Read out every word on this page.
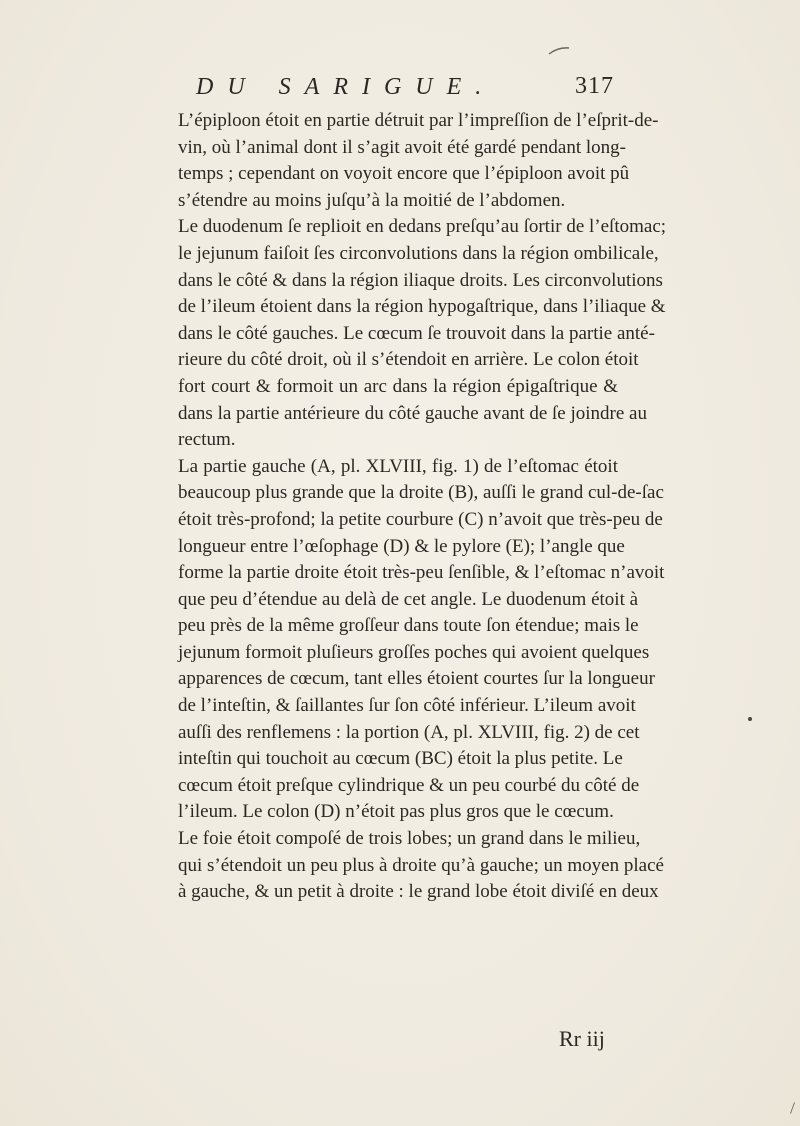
DU SARIGUE.	317
L’épiploon étoit en partie détruit par l’impreſſion de l’eſprit-de-
vin, où l’animal dont il s’agit avoit été gardé pendant long-
temps ; cependant on voyoit encore que l’épiploon avoit pû
s’étendre au moins juſqu’à la moitié de l’abdomen.
Le duodenum ſe replioit en dedans preſqu’au ſortir de l’eſtomac;
le jejunum faiſoit ſes circonvolutions dans la région ombilicale,
dans le côté & dans la région iliaque droits. Les circonvolutions
de l’ileum étoient dans la région hypogaſtrique, dans l’iliaque &
dans le côté gauches. Le cœcum ſe trouvoit dans la partie anté-
rieure du côté droit, où il s’étendoit en arrière. Le colon étoit
fort court & formoit un arc dans la région épigaſtrique &
dans la partie antérieure du côté gauche avant de ſe joindre au
rectum.
La partie gauche (A, pl. XLVIII, fig. 1) de l’eſtomac étoit
beaucoup plus grande que la droite (B), auſſi le grand cul-de-ſac
étoit très-profond; la petite courbure (C) n’avoit que très-peu de
longueur entre l’œſophage (D) & le pylore (E); l’angle que
forme la partie droite étoit très-peu ſenſible, & l’eſtomac n’avoit
que peu d’étendue au delà de cet angle. Le duodenum étoit à
peu près de la même groſſeur dans toute ſon étendue; mais le
jejunum formoit pluſieurs groſſes poches qui avoient quelques
apparences de cœcum, tant elles étoient courtes ſur la longueur
de l’inteſtin, & ſaillantes ſur ſon côté inférieur. L’ileum avoit
auſſi des renflemens : la portion (A, pl. XLVIII, fig. 2) de cet
inteſtin qui touchoit au cœcum (BC) étoit la plus petite. Le
cœcum étoit preſque cylindrique & un peu courbé du côté de
l’ileum. Le colon (D) n’étoit pas plus gros que le cœcum.
Le foie étoit compoſé de trois lobes; un grand dans le milieu,
qui s’étendoit un peu plus à droite qu’à gauche; un moyen placé
à gauche, & un petit à droite : le grand lobe étoit diviſé en deux
Rr iij
